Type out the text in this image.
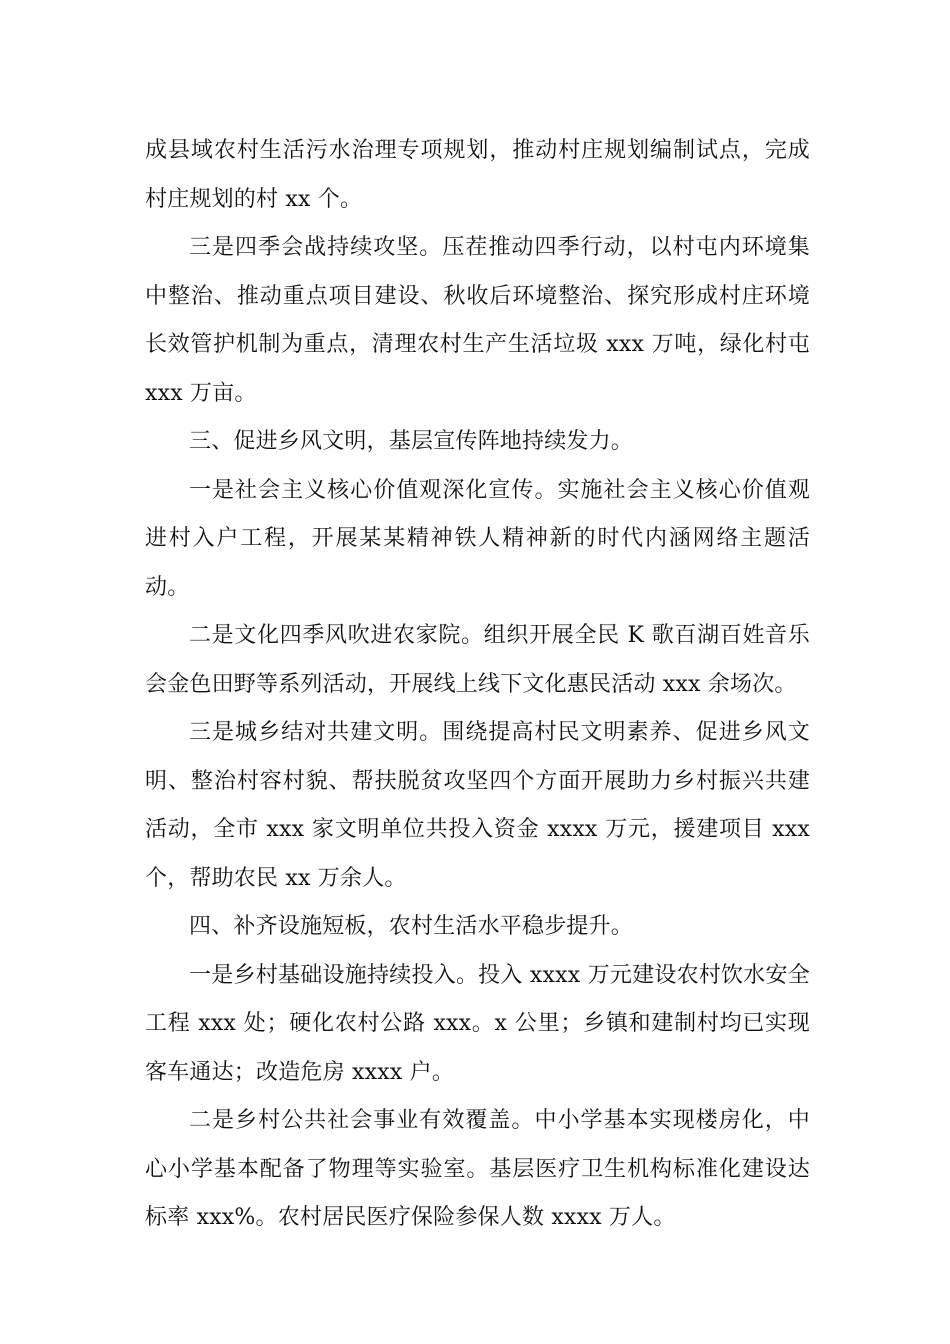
成县域农村生活污水治理专项规划，推动村庄规划编制试点，完成村庄规划的村 xx 个。

三是四季会战持续攻坚。压茬推动四季行动，以村屯内环境集中整治、推动重点项目建设、秋收后环境整治、探究形成村庄环境长效管护机制为重点，清理农村生产生活垃圾 xxx 万吨，绿化村屯 xxx 万亩。

三、促进乡风文明，基层宣传阵地持续发力。

一是社会主义核心价值观深化宣传。实施社会主义核心价值观进村入户工程，开展某某精神铁人精神新的时代内涵网络主题活动。

二是文化四季风吹进农家院。组织开展全民 K 歌百湖百姓音乐会金色田野等系列活动，开展线上线下文化惠民活动 xxx 余场次。

三是城乡结对共建文明。围绕提高村民文明素养、促进乡风文明、整治村容村貌、帮扶脱贫攻坚四个方面开展助力乡村振兴共建活动，全市 xxx 家文明单位共投入资金 xxxx 万元，援建项目 xxx 个，帮助农民 xx 万余人。

四、补齐设施短板，农村生活水平稳步提升。

一是乡村基础设施持续投入。投入 xxxx 万元建设农村饮水安全工程 xxx 处；硬化农村公路 xxx。x 公里；乡镇和建制村均已实现客车通达；改造危房 xxxx 户。

二是乡村公共社会事业有效覆盖。中小学基本实现楼房化，中心小学基本配备了物理等实验室。基层医疗卫生机构标准化建设达标率 xxx%。农村居民医疗保险参保人数 xxxx 万人。
